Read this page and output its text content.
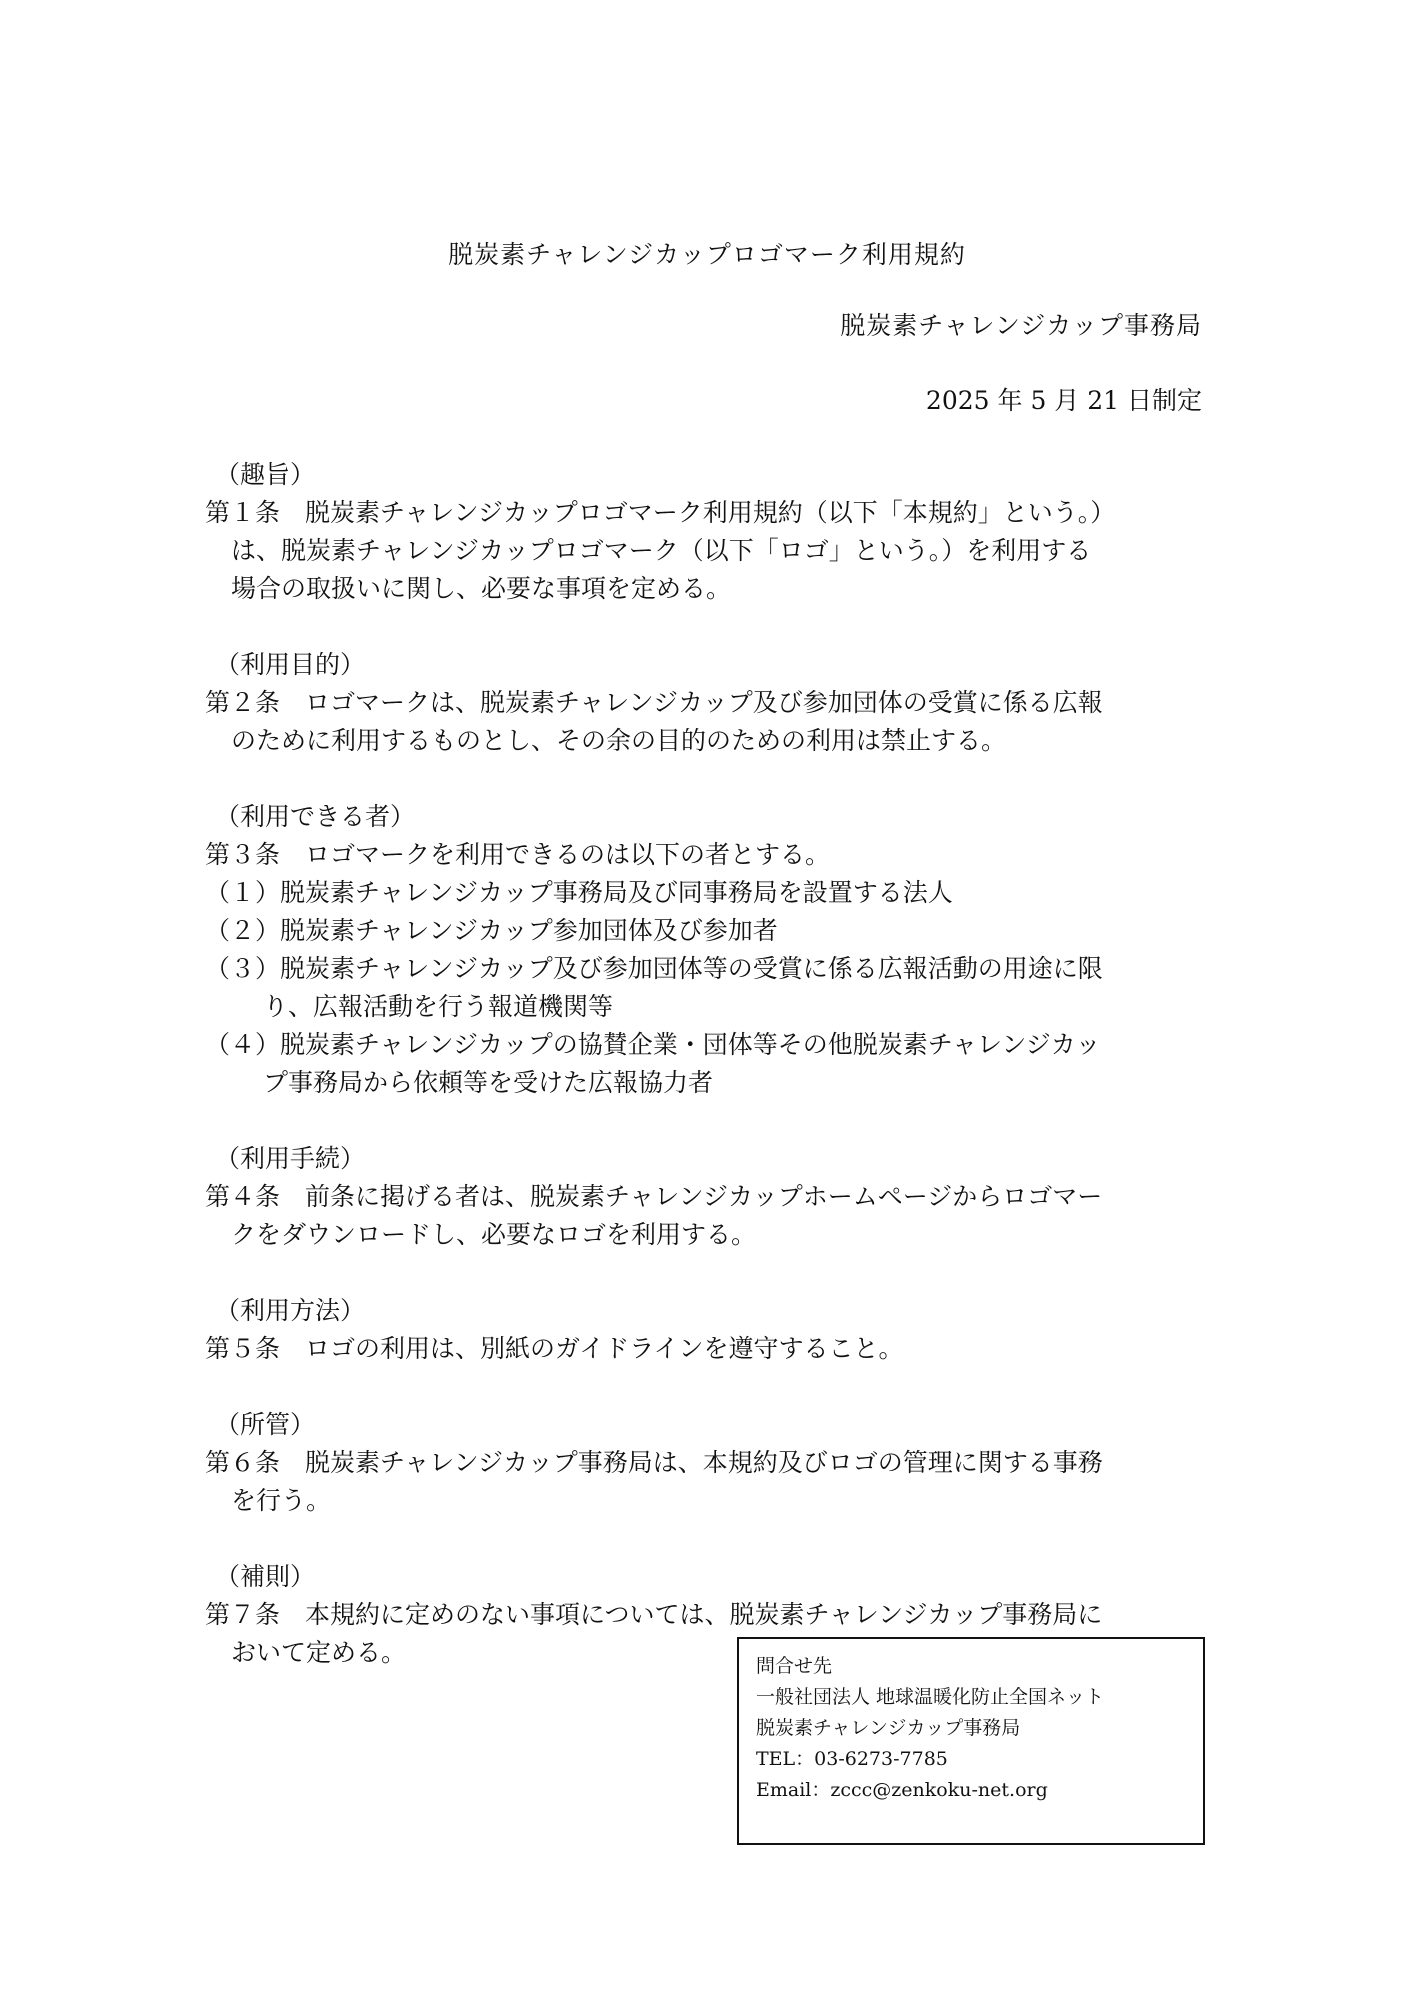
脱炭素チャレンジカップロゴマーク利用規約
脱炭素チャレンジカップ事務局
2025 年 5 月 21 日制定
（趣旨）
第１条　脱炭素チャレンジカップロゴマーク利用規約（以下「本規約」という。）
は、脱炭素チャレンジカップロゴマーク（以下「ロゴ」という。）を利用する
場合の取扱いに関し、必要な事項を定める。
（利用目的）
第２条　ロゴマークは、脱炭素チャレンジカップ及び参加団体の受賞に係る広報
のために利用するものとし、その余の目的のための利用は禁止する。
（利用できる者）
第３条　ロゴマークを利用できるのは以下の者とする。
（１）脱炭素チャレンジカップ事務局及び同事務局を設置する法人
（２）脱炭素チャレンジカップ参加団体及び参加者
（３）脱炭素チャレンジカップ及び参加団体等の受賞に係る広報活動の用途に限
り、広報活動を行う報道機関等
（４）脱炭素チャレンジカップの協賛企業・団体等その他脱炭素チャレンジカッ
プ事務局から依頼等を受けた広報協力者
（利用手続）
第４条　前条に掲げる者は、脱炭素チャレンジカップホームページからロゴマー
クをダウンロードし、必要なロゴを利用する。
（利用方法）
第５条　ロゴの利用は、別紙のガイドラインを遵守すること。
（所管）
第６条　脱炭素チャレンジカップ事務局は、本規約及びロゴの管理に関する事務
を行う。
（補則）
第７条　本規約に定めのない事項については、脱炭素チャレンジカップ事務局に
おいて定める。	問合せ先
一般社団法人 地球温暖化防止全国ネット
脱炭素チャレンジカップ事務局
TEL：03-6273-7785
Email：zccc@zenkoku-net.org
